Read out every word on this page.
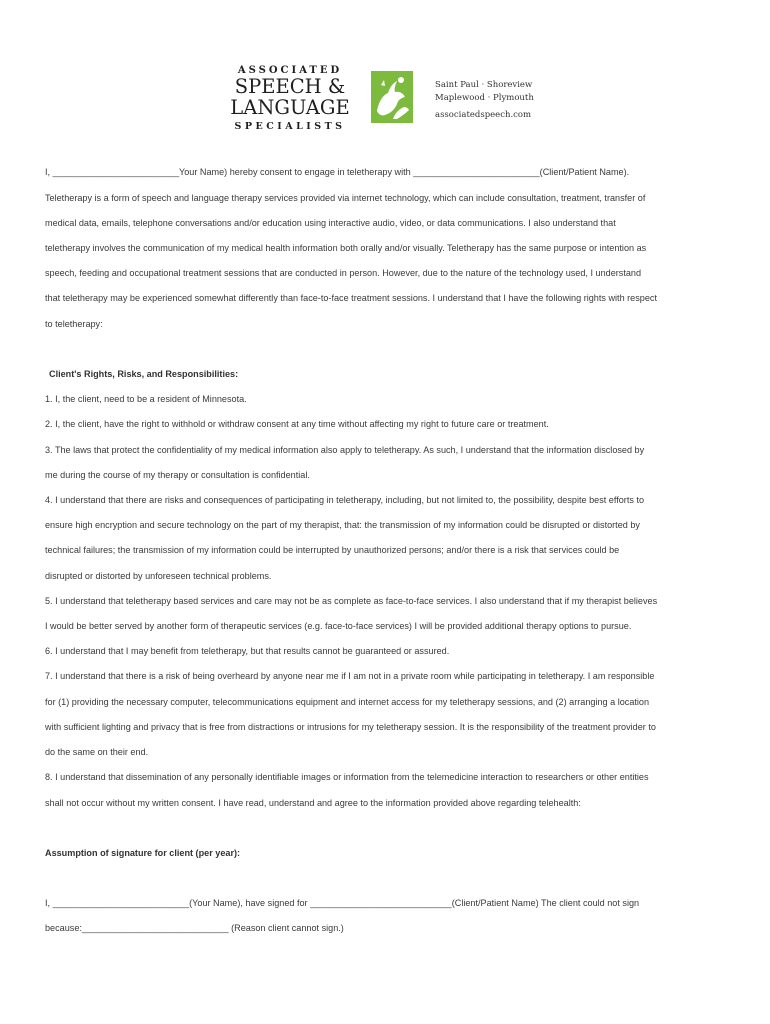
ASSOCIATED
SPEECH &
LANGUAGE
SPECIALISTS
Saint Paul · Shoreview
Maplewood · Plymouth
associatedspeech.com
I, _________________________Your Name) hereby consent to engage in teletherapy with _________________________(Client/Patient Name).
Teletherapy is a form of speech and language therapy services provided via internet technology, which can include consultation, treatment, transfer of
medical data, emails, telephone conversations and/or education using interactive audio, video, or data communications. I also understand that
teletherapy involves the communication of my medical health information both orally and/or visually. Teletherapy has the same purpose or intention as
speech, feeding and occupational treatment sessions that are conducted in person. However, due to the nature of the technology used, I understand
that teletherapy may be experienced somewhat differently than face-to-face treatment sessions. I understand that I have the following rights with respect
to teletherapy:
Client's Rights, Risks, and Responsibilities:
1. I, the client, need to be a resident of Minnesota.
2. I, the client, have the right to withhold or withdraw consent at any time without affecting my right to future care or treatment.
3. The laws that protect the confidentiality of my medical information also apply to teletherapy. As such, I understand that the information disclosed by
me during the course of my therapy or consultation is confidential.
4. I understand that there are risks and consequences of participating in teletherapy, including, but not limited to, the possibility, despite best efforts to
ensure high encryption and secure technology on the part of my therapist, that: the transmission of my information could be disrupted or distorted by
technical failures; the transmission of my information could be interrupted by unauthorized persons; and/or there is a risk that services could be
disrupted or distorted by unforeseen technical problems.
5. I understand that teletherapy based services and care may not be as complete as face-to-face services. I also understand that if my therapist believes
I would be better served by another form of therapeutic services (e.g. face-to-face services) I will be provided additional therapy options to pursue.
6. I understand that I may benefit from teletherapy, but that results cannot be guaranteed or assured.
7. I understand that there is a risk of being overheard by anyone near me if I am not in a private room while participating in teletherapy. I am responsible
for (1) providing the necessary computer, telecommunications equipment and internet access for my teletherapy sessions, and (2) arranging a location
with sufficient lighting and privacy that is free from distractions or intrusions for my teletherapy session. It is the responsibility of the treatment provider to
do the same on their end.
8. I understand that dissemination of any personally identifiable images or information from the telemedicine interaction to researchers or other entities
shall not occur without my written consent. I have read, understand and agree to the information provided above regarding telehealth:
Assumption of signature for client (per year):
I, ___________________________(Your Name), have signed for ____________________________(Client/Patient Name) The client could not sign
because:_____________________________ (Reason client cannot sign.)
